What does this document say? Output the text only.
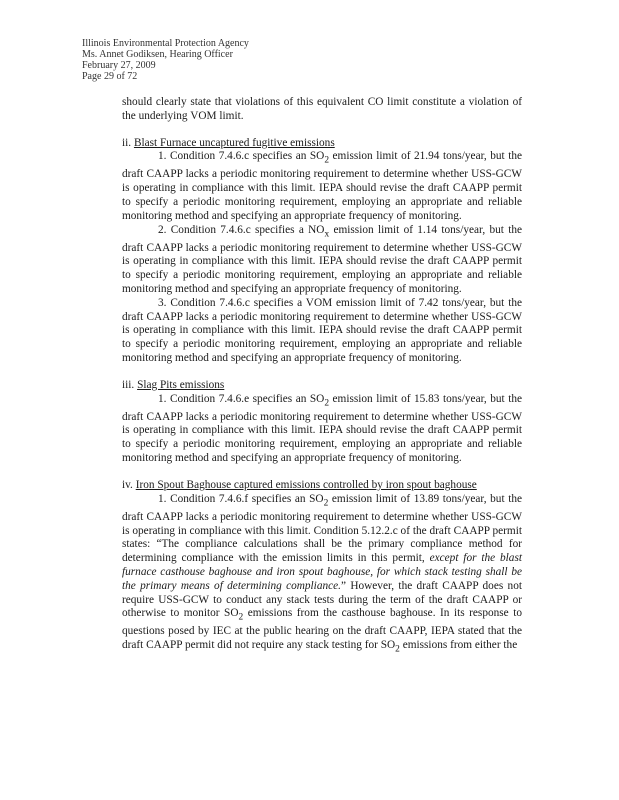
Illinois Environmental Protection Agency
Ms. Annet Godiksen, Hearing Officer
February 27, 2009
Page 29 of 72

should clearly state that violations of this equivalent CO limit constitute a violation of the underlying VOM limit.

ii. Blast Furnace uncaptured fugitive emissions

1. Condition 7.4.6.c specifies an $SO_2$ emission limit of 21.94 tons/year, but the draft CAAPP lacks a periodic monitoring requirement to determine whether USS-GCW is operating in compliance with this limit. IEPA should revise the draft CAAPP permit to specify a periodic monitoring requirement, employing an appropriate and reliable monitoring method and specifying an appropriate frequency of monitoring.

2. Condition 7.4.6.c specifies a $NO_x$ emission limit of 1.14 tons/year, but the draft CAAPP lacks a periodic monitoring requirement to determine whether USS-GCW is operating in compliance with this limit. IEPA should revise the draft CAAPP permit to specify a periodic monitoring requirement, employing an appropriate and reliable monitoring method and specifying an appropriate frequency of monitoring.

3. Condition 7.4.6.c specifies a VOM emission limit of 7.42 tons/year, but the draft CAAPP lacks a periodic monitoring requirement to determine whether USS-GCW is operating in compliance with this limit. IEPA should revise the draft CAAPP permit to specify a periodic monitoring requirement, employing an appropriate and reliable monitoring method and specifying an appropriate frequency of monitoring.

iii. Slag Pits emissions

1. Condition 7.4.6.e specifies an $SO_2$ emission limit of 15.83 tons/year, but the draft CAAPP lacks a periodic monitoring requirement to determine whether USS-GCW is operating in compliance with this limit. IEPA should revise the draft CAAPP permit to specify a periodic monitoring requirement, employing an appropriate and reliable monitoring method and specifying an appropriate frequency of monitoring.

iv. Iron Spout Baghouse captured emissions controlled by iron spout baghouse

1. Condition 7.4.6.f specifies an $SO_2$ emission limit of 13.89 tons/year, but the draft CAAPP lacks a periodic monitoring requirement to determine whether USS-GCW is operating in compliance with this limit. Condition 5.12.2.c of the draft CAAPP permit states: “The compliance calculations shall be the primary compliance method for determining compliance with the emission limits in this permit, except for the blast furnace casthouse baghouse and iron spout baghouse, for which stack testing shall be the primary means of determining compliance.” However, the draft CAAPP does not require USS-GCW to conduct any stack tests during the term of the draft CAAPP or otherwise to monitor $SO_2$ emissions from the casthouse baghouse. In its response to questions posed by IEC at the public hearing on the draft CAAPP, IEPA stated that the draft CAAPP permit did not require any stack testing for $SO_2$ emissions from either the
